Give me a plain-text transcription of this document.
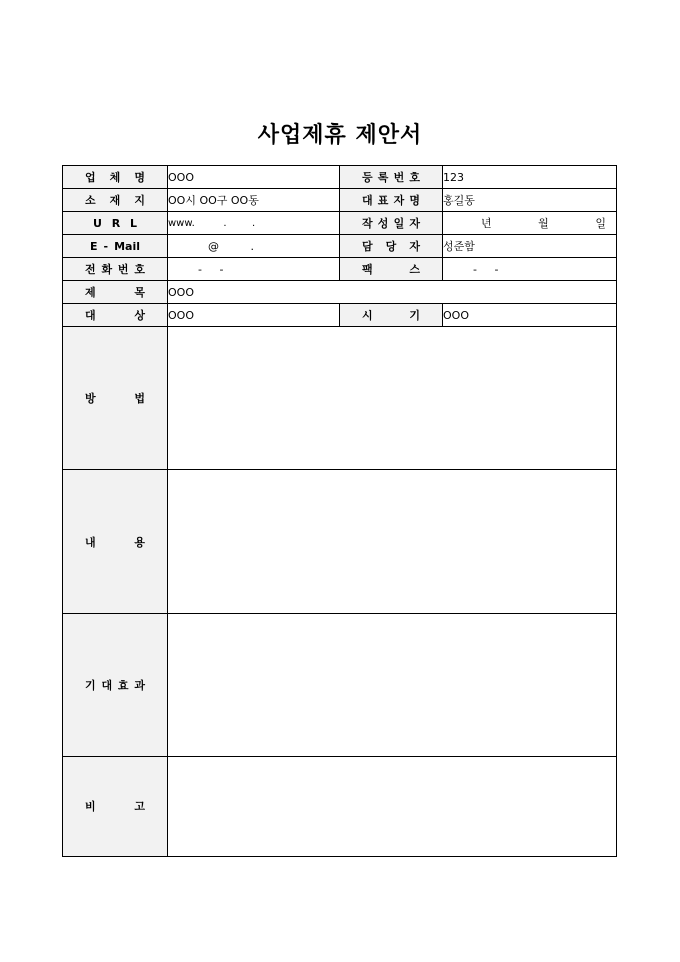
사업제휴 제안서
업 체 명	OOO	등 록 번 호	123

소 재 지	OO시 OO구 OO동	대 표 자 명	홍길동

U R L	www.         .        .	작 성 일 자	년 월 일

E - Mail	@         .	담 당 자	성준함

전 화 번 호	-     -	팩 스	-     -

제 목	OOO		

대 상	OOO	시 기	OOO

방 법			

내 용			

기 대 효 과			

비 고			
